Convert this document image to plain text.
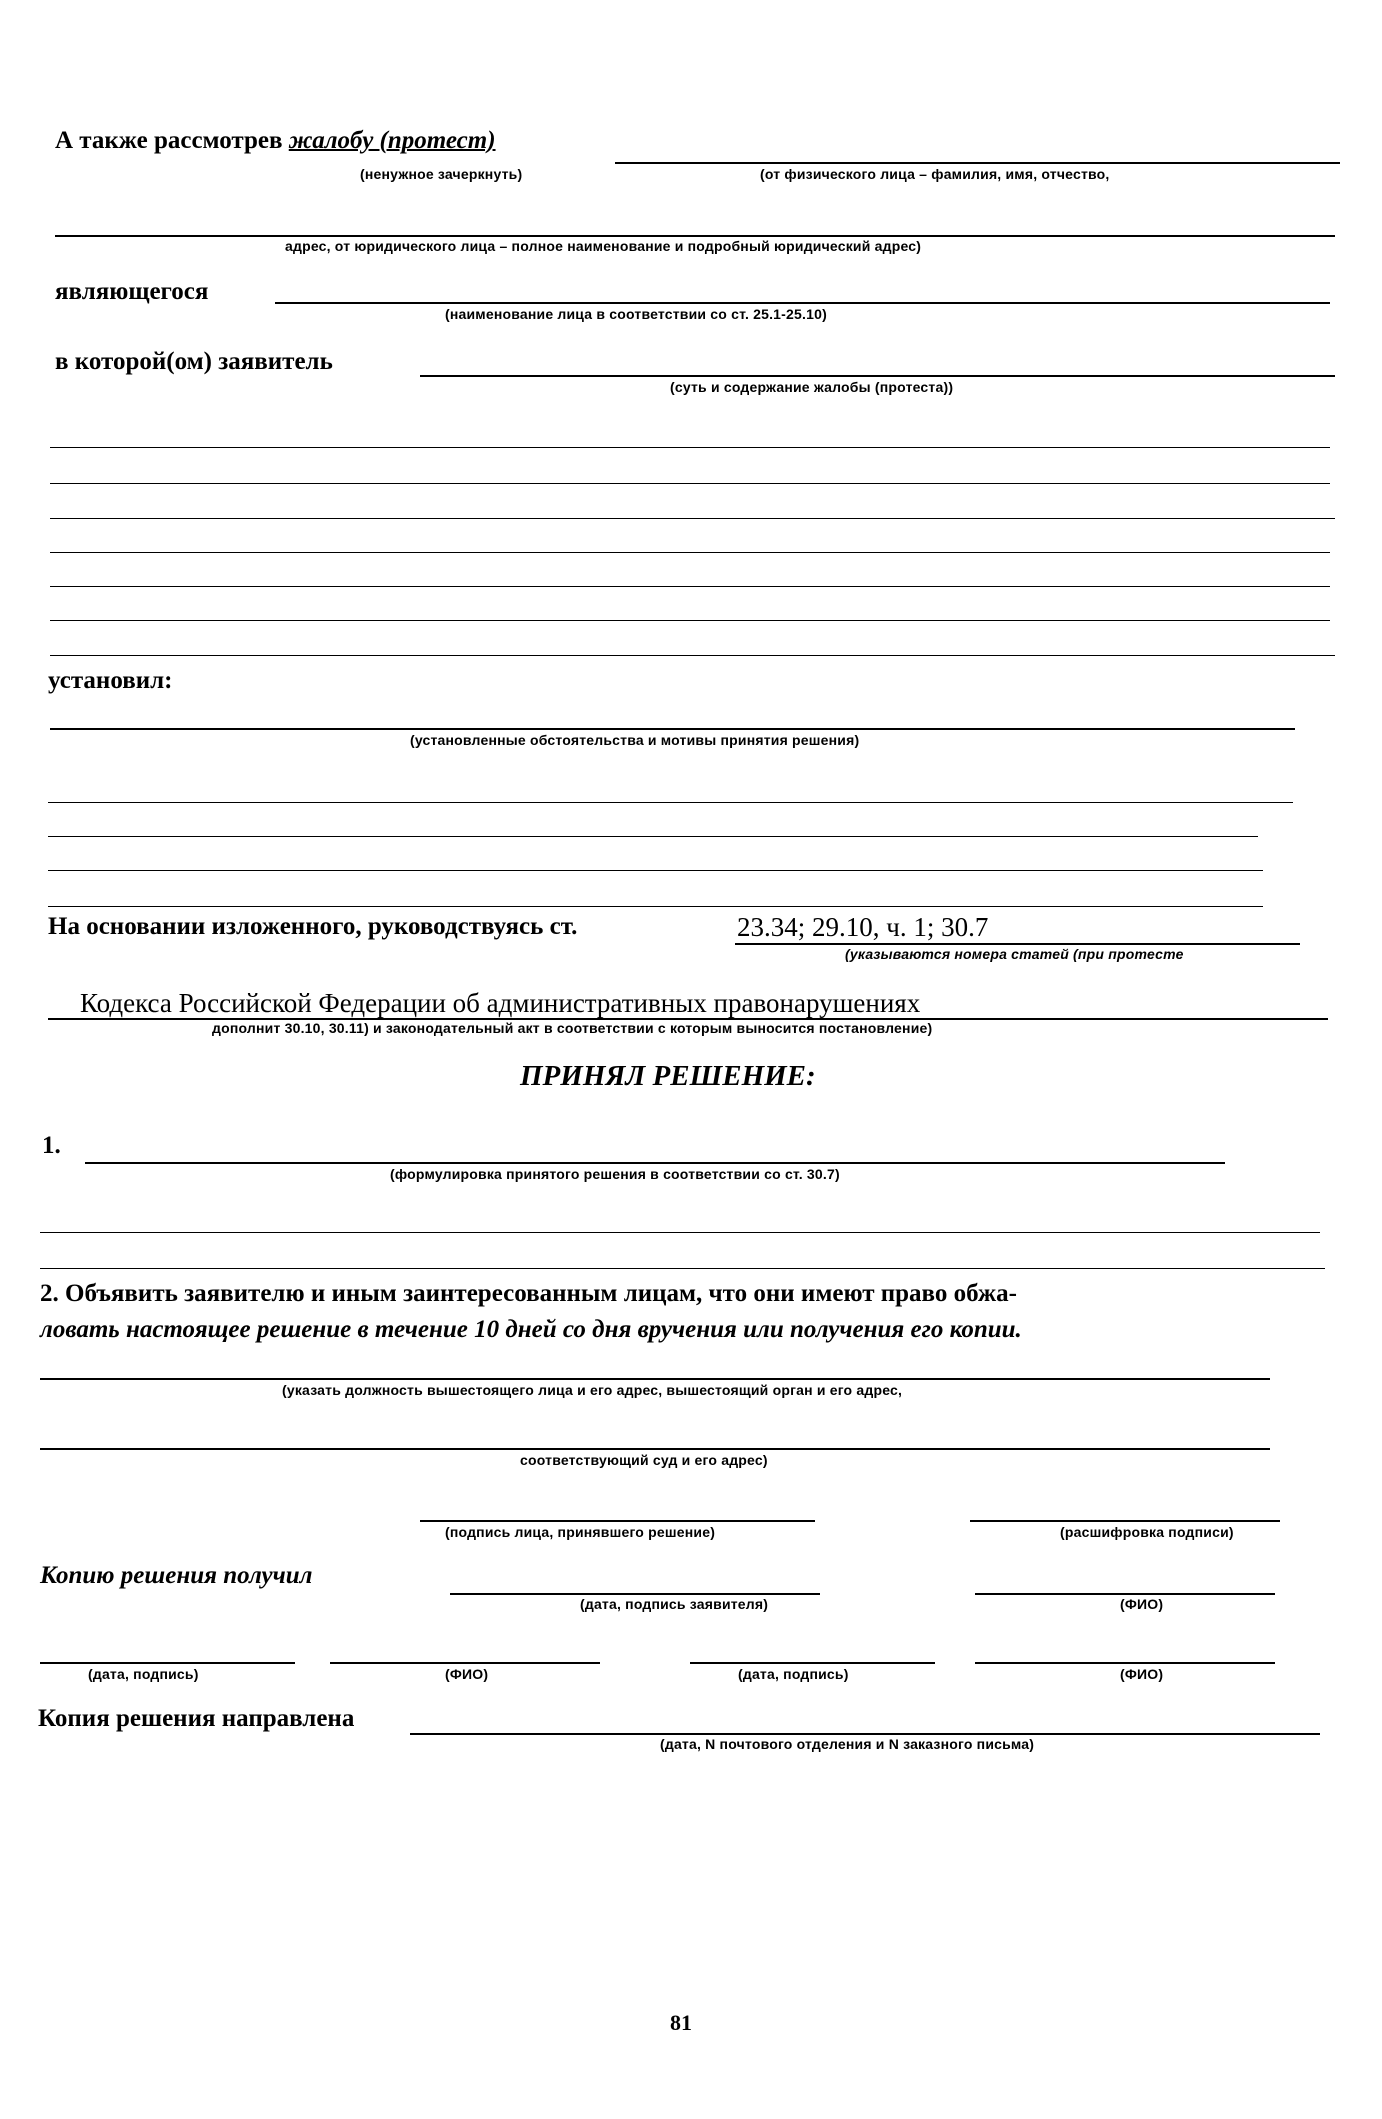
А также рассмотрев жалобу (протест)
(ненужное зачеркнуть)	(от физического лица – фамилия, имя, отчество,
адрес, от юридического лица – полное наименование и подробный юридический адрес)
являющегося
(наименование лица в соответствии со ст. 25.1-25.10)
в которой(ом) заявитель
(суть и содержание жалобы (протеста))
установил:
(установленные обстоятельства и мотивы принятия решения)
На основании изложенного, руководствуясь ст.	23.34; 29.10, ч. 1; 30.7
(указываются номера статей (при протесте
Кодекса Российской Федерации об административных правонарушениях
дополнит 30.10, 30.11) и законодательный акт в соответствии с которым выносится постановление)
ПРИНЯЛ РЕШЕНИЕ:
1.
(формулировка принятого решения в соответствии со ст. 30.7)
2. Объявить заявителю и иным заинтересованным лицам, что они имеют право обжа-
ловать настоящее решение в течение 10 дней со дня вручения или получения его копии.
(указать должность вышестоящего лица и его адрес, вышестоящий орган и его адрес,
соответствующий суд и его адрес)
(подпись лица, принявшего решение)	(расшифровка подписи)
Копию решения получил
(дата, подпись заявителя)	(ФИО)
(дата, подпись)	(ФИО)	(дата, подпись)	(ФИО)
Копия решения направлена
(дата, N почтового отделения и N заказного письма)
81
